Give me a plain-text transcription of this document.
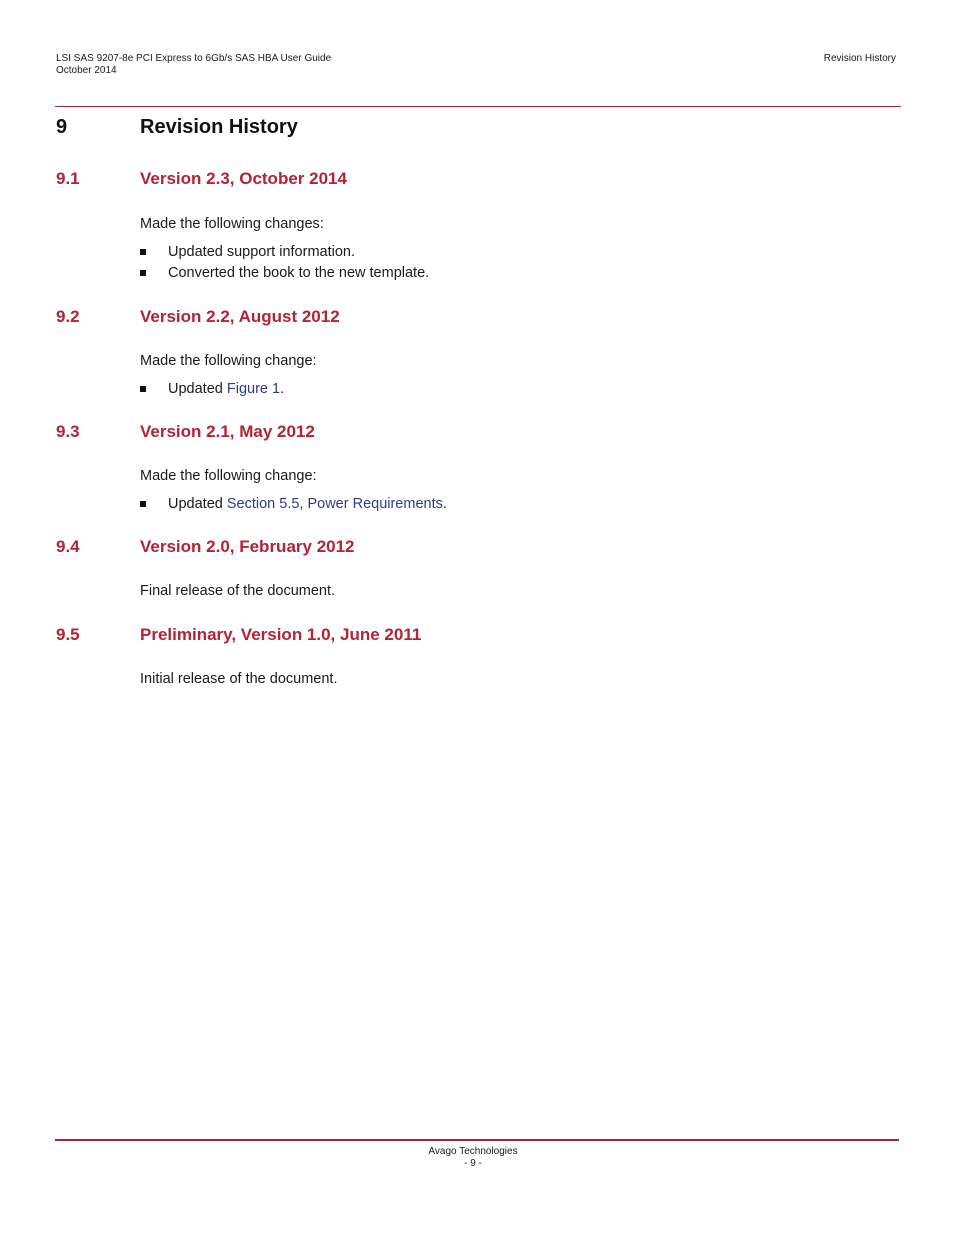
LSI SAS 9207-8e PCI Express to 6Gb/s SAS HBA User Guide
October 2014
Revision History
9	Revision History
9.1	Version 2.3, October 2014
Made the following changes:
Updated support information.
Converted the book to the new template.
9.2	Version 2.2, August 2012
Made the following change:
Updated Figure 1.
9.3	Version 2.1, May 2012
Made the following change:
Updated Section 5.5, Power Requirements.
9.4	Version 2.0, February 2012
Final release of the document.
9.5	Preliminary, Version 1.0, June 2011
Initial release of the document.
Avago Technologies
- 9 -
